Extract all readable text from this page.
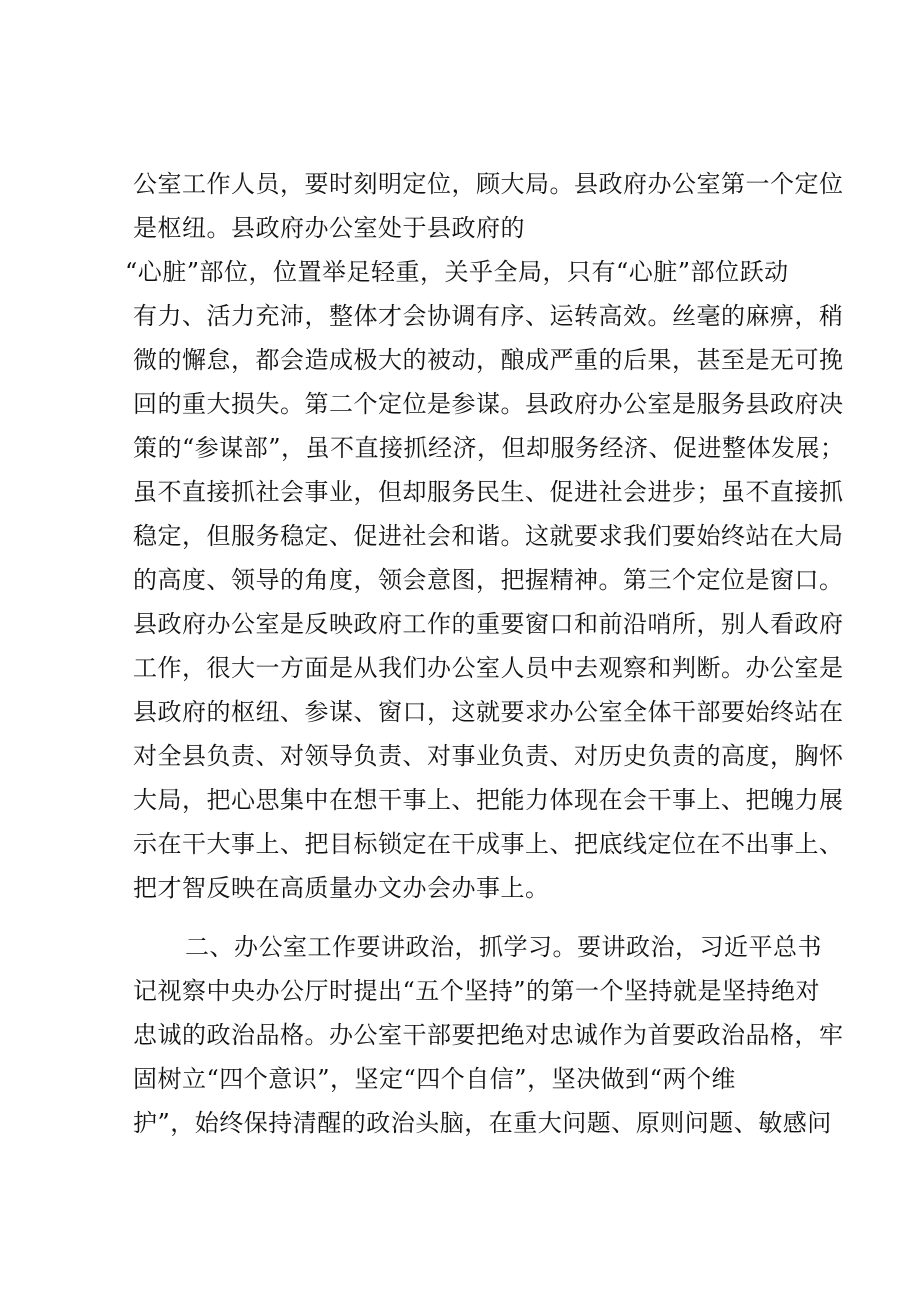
公室工作人员，要时刻明定位，顾大局。县政府办公室第一个定位
是枢纽。县政府办公室处于县政府的
“心脏”部位，位置举足轻重，关乎全局，只有“心脏”部位跃动
有力、活力充沛，整体才会协调有序、运转高效。丝毫的麻痹，稍
微的懈怠，都会造成极大的被动，酿成严重的后果，甚至是无可挽
回的重大损失。第二个定位是参谋。县政府办公室是服务县政府决
策的“参谋部”，虽不直接抓经济，但却服务经济、促进整体发展；
虽不直接抓社会事业，但却服务民生、促进社会进步；虽不直接抓
稳定，但服务稳定、促进社会和谐。这就要求我们要始终站在大局
的高度、领导的角度，领会意图，把握精神。第三个定位是窗口。
县政府办公室是反映政府工作的重要窗口和前沿哨所，别人看政府
工作，很大一方面是从我们办公室人员中去观察和判断。办公室是
县政府的枢纽、参谋、窗口，这就要求办公室全体干部要始终站在
对全县负责、对领导负责、对事业负责、对历史负责的高度，胸怀
大局，把心思集中在想干事上、把能力体现在会干事上、把魄力展
示在干大事上、把目标锁定在干成事上、把底线定位在不出事上、
把才智反映在高质量办文办会办事上。
二、办公室工作要讲政治，抓学习。要讲政治，习近平总书
记视察中央办公厅时提出“五个坚持”的第一个坚持就是坚持绝对
忠诚的政治品格。办公室干部要把绝对忠诚作为首要政治品格，牢
固树立“四个意识”，坚定“四个自信”，坚决做到“两个维
护”，始终保持清醒的政治头脑，在重大问题、原则问题、敏感问
